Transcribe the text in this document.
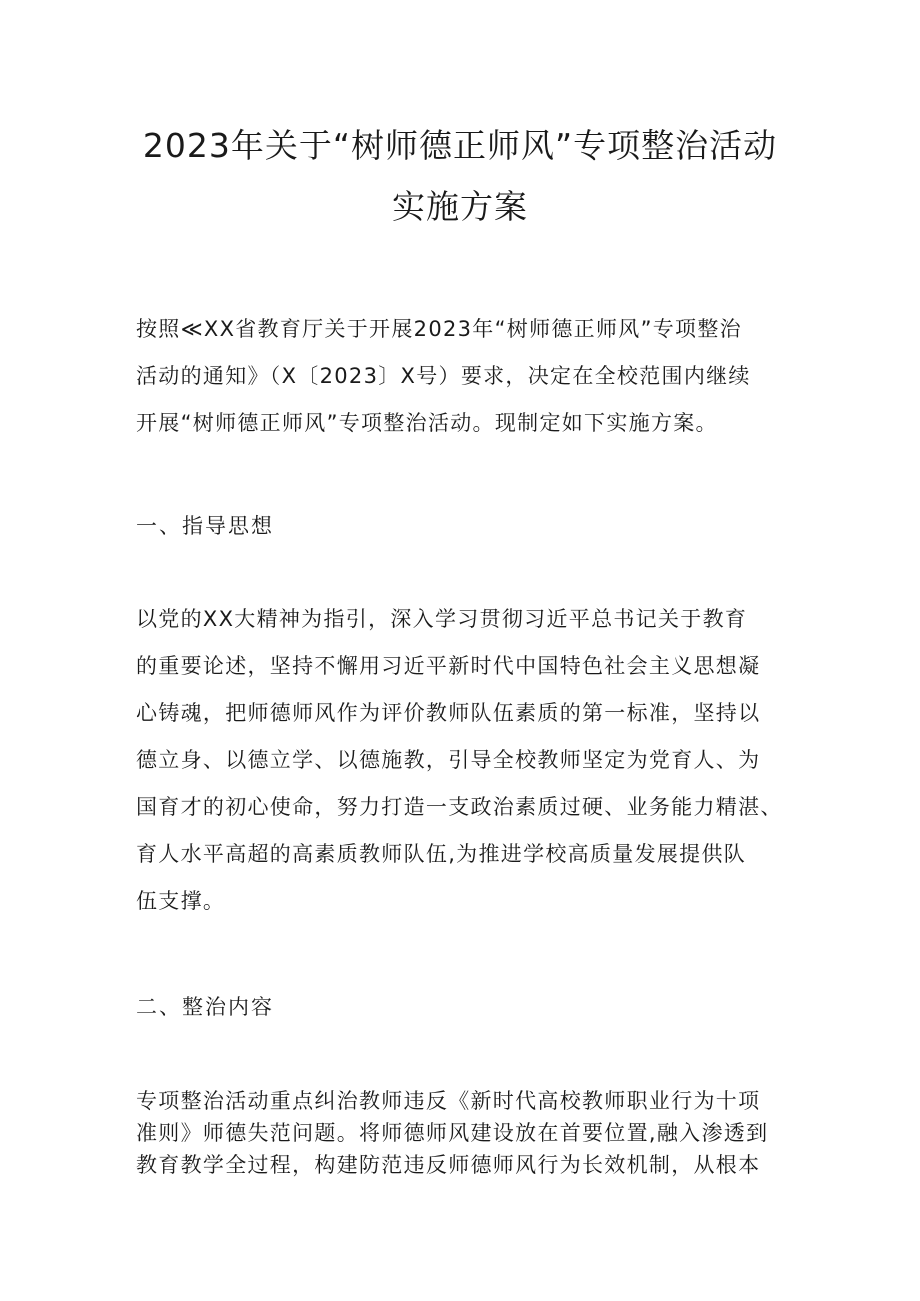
2023年关于“树师德正师风”专项整治活动
实施方案
按照≪XX省教育厅关于开展2023年“树师德正师风”专项整治
活动的通知》（X〔2023〕X号）要求，决定在全校范围内继续
开展“树师德正师风”专项整治活动。现制定如下实施方案。
一、指导思想
以党的XX大精神为指引，深入学习贯彻习近平总书记关于教育
的重要论述，坚持不懈用习近平新时代中国特色社会主义思想凝
心铸魂，把师德师风作为评价教师队伍素质的第一标准，坚持以
德立身、以德立学、以德施教，引导全校教师坚定为党育人、为
国育才的初心使命，努力打造一支政治素质过硬、业务能力精湛、
育人水平高超的高素质教师队伍,为推进学校高质量发展提供队
伍支撑。
二、整治内容
专项整治活动重点纠治教师违反《新时代高校教师职业行为十项
准则》师德失范问题。将师德师风建设放在首要位置,融入渗透到
教育教学全过程，构建防范违反师德师风行为长效机制，从根本
